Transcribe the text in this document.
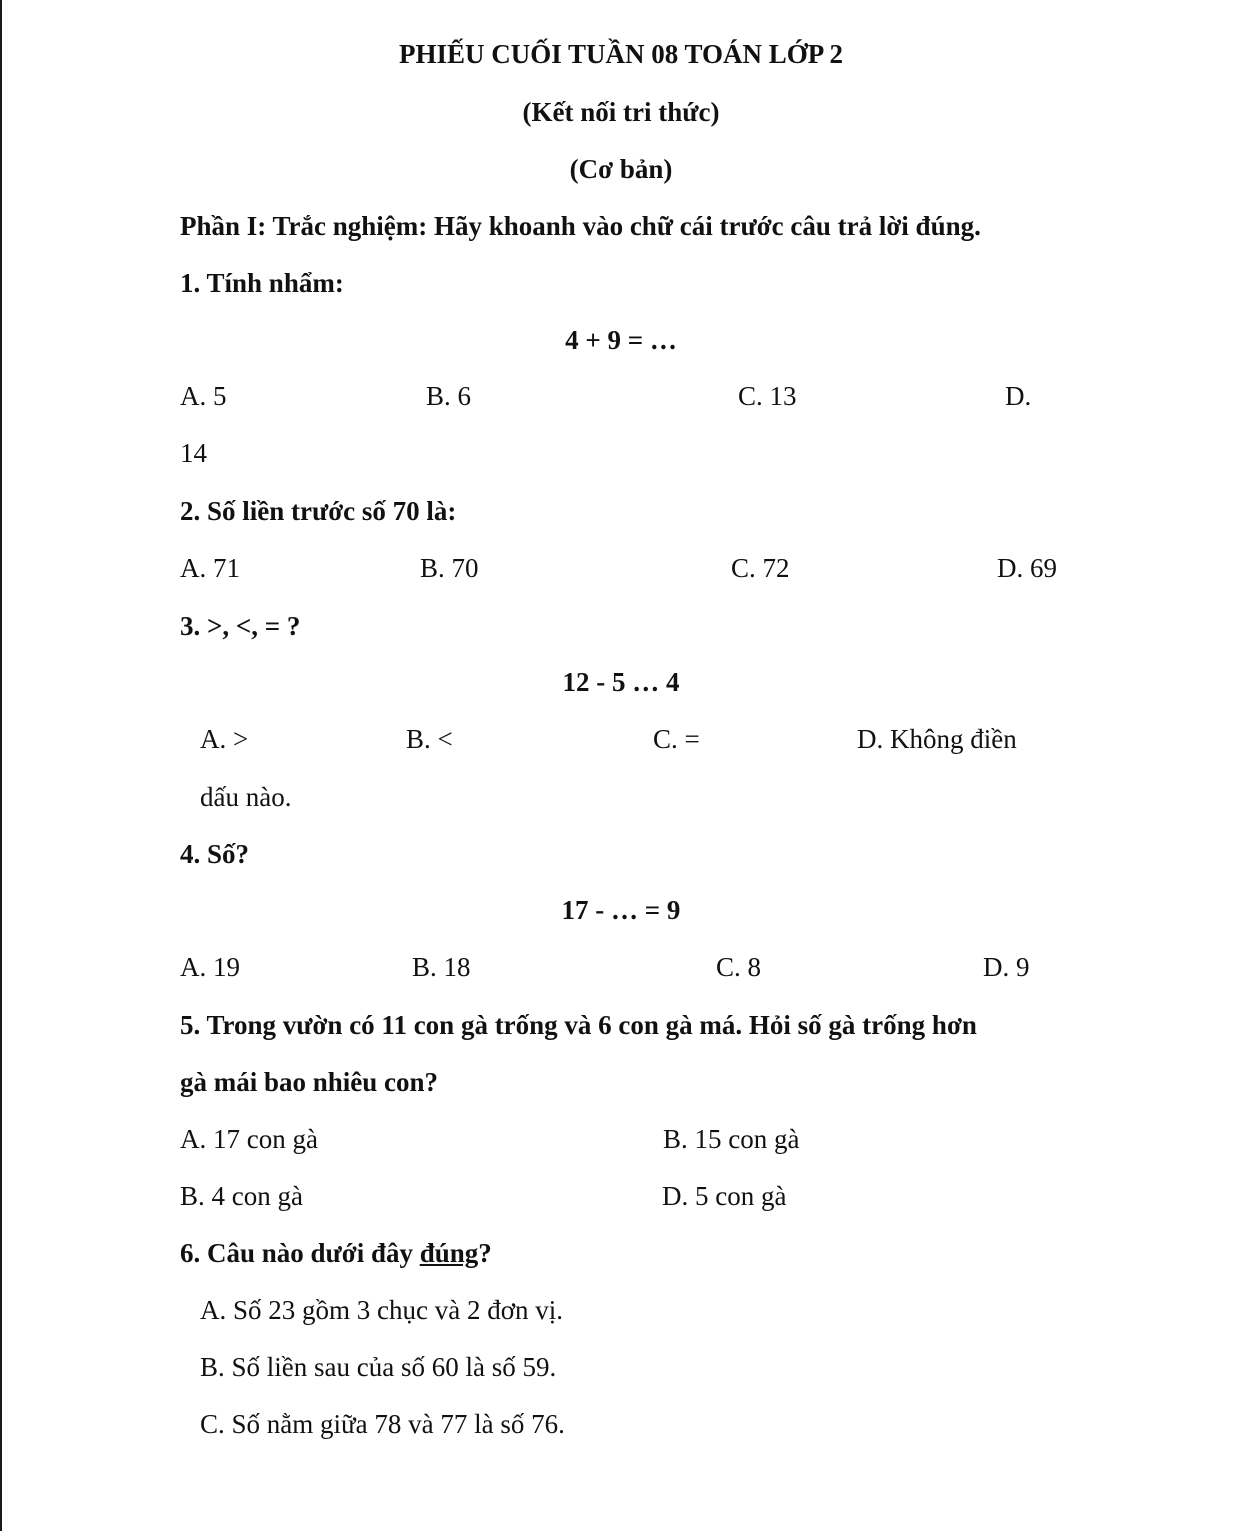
PHIẾU CUỐI TUẦN 08 TOÁN LỚP 2
(Kết nối tri thức)
(Cơ bản)
Phần I: Trắc nghiệm: Hãy khoanh vào chữ cái trước câu trả lời đúng.
1. Tính nhẩm:
4 + 9 = …
A. 5	B. 6	C. 13	D.
14
2. Số liền trước số 70 là:
A. 71	B. 70	C. 72	D. 69
3. >, <, = ?
12 - 5 … 4
A. >	B. <	C. =	D. Không điền
dấu nào.
4. Số?
17 - … = 9
A. 19	B. 18	C. 8	D. 9
5. Trong vườn có 11 con gà trống và 6 con gà má. Hỏi số gà trống hơn
gà mái bao nhiêu con?
A. 17 con gà	B. 15 con gà
B. 4 con gà	D. 5 con gà
6. Câu nào dưới đây đúng?
A. Số 23 gồm 3 chục và 2 đơn vị.
B. Số liền sau của số 60 là số 59.
C. Số nằm giữa 78 và 77 là số 76.
